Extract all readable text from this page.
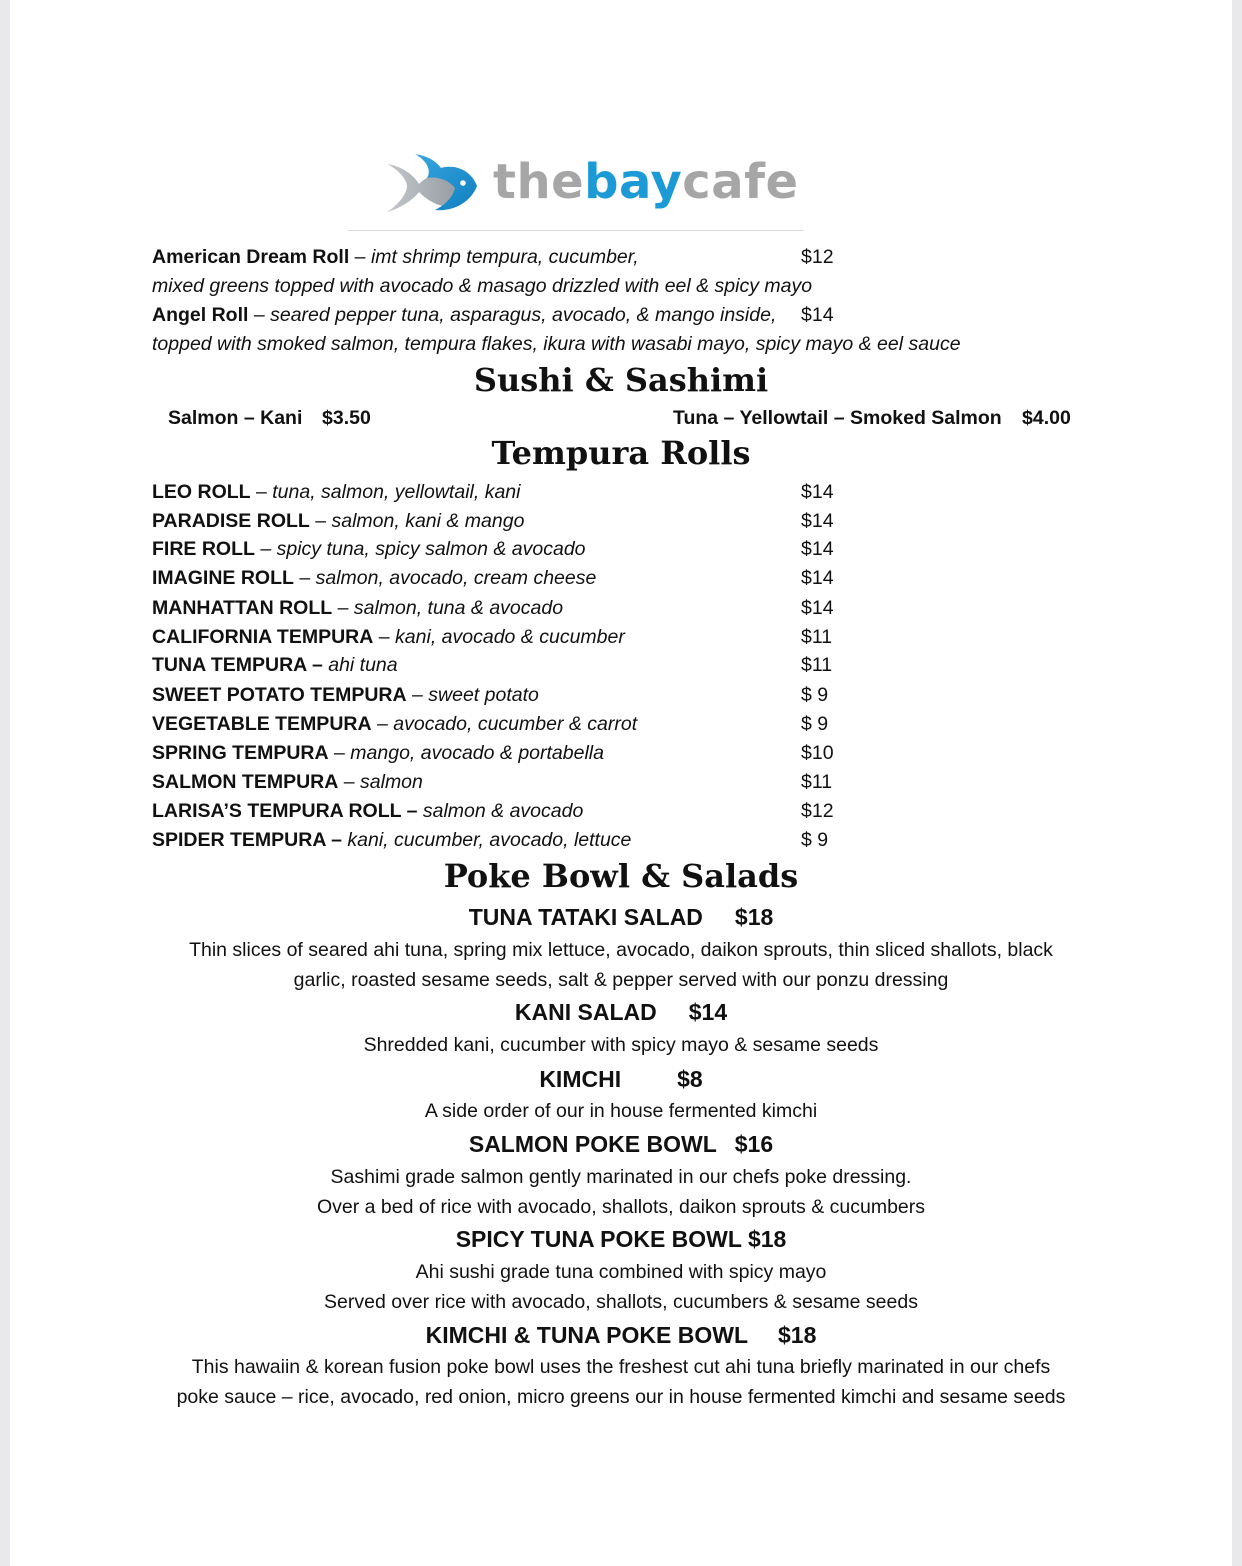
thebaycafe
American Dream Roll – imt shrimp tempura, cucumber,	$12
mixed greens topped with avocado & masago drizzled with eel & spicy mayo
Angel Roll – seared pepper tuna, asparagus, avocado, & mango inside, $14
topped with smoked salmon, tempura flakes, ikura with wasabi mayo, spicy mayo & eel sauce
Sushi & Sashimi
Salmon – Kani $3.50	Tuna – Yellowtail – Smoked Salmon $4.00
Tempura Rolls
LEO ROLL – tuna, salmon, yellowtail, kani	$14
PARADISE ROLL – salmon, kani & mango	$14
FIRE ROLL – spicy tuna, spicy salmon & avocado	$14
IMAGINE ROLL – salmon, avocado, cream cheese	$14
MANHATTAN ROLL – salmon, tuna & avocado	$14
CALIFORNIA TEMPURA – kani, avocado & cucumber	$11
TUNA TEMPURA – ahi tuna	$11
SWEET POTATO TEMPURA – sweet potato	$ 9
VEGETABLE TEMPURA – avocado, cucumber & carrot	$ 9
SPRING TEMPURA – mango, avocado & portabella	$10
SALMON TEMPURA – salmon	$11
LARISA’S TEMPURA ROLL – salmon & avocado	$12
SPIDER TEMPURA – kani, cucumber, avocado, lettuce	$ 9
Poke Bowl & Salads
TUNA TATAKI SALAD $18
Thin slices of seared ahi tuna, spring mix lettuce, avocado, daikon sprouts, thin sliced shallots, black
garlic, roasted sesame seeds, salt & pepper served with our ponzu dressing
KANI SALAD $14
Shredded kani, cucumber with spicy mayo & sesame seeds
KIMCHI $8
A side order of our in house fermented kimchi
SALMON POKE BOWL $16
Sashimi grade salmon gently marinated in our chefs poke dressing.
Over a bed of rice with avocado, shallots, daikon sprouts & cucumbers
SPICY TUNA POKE BOWL $18
Ahi sushi grade tuna combined with spicy mayo
Served over rice with avocado, shallots, cucumbers & sesame seeds
KIMCHI & TUNA POKE BOWL $18
This hawaiin & korean fusion poke bowl uses the freshest cut ahi tuna briefly marinated in our chefs
poke sauce – rice, avocado, red onion, micro greens our in house fermented kimchi and sesame seeds
